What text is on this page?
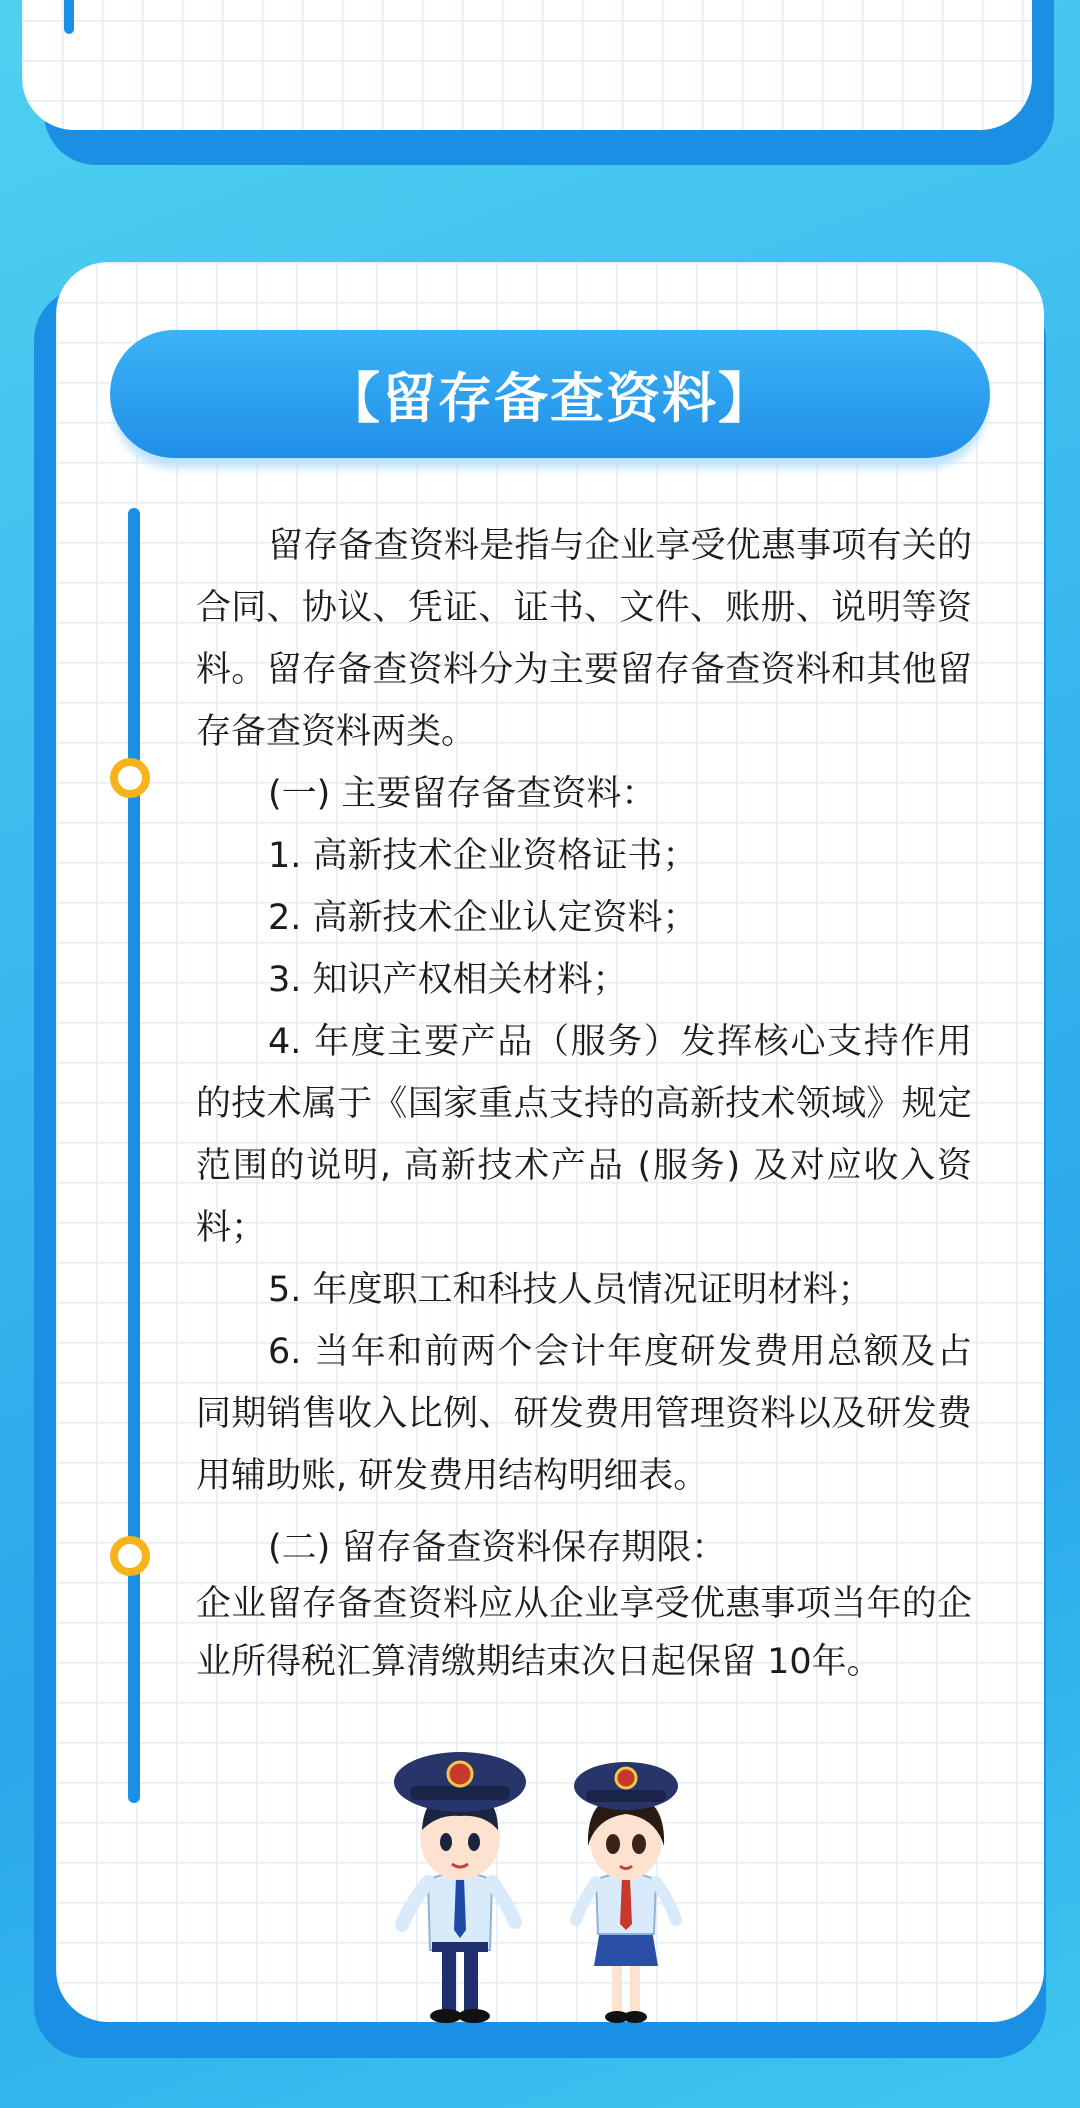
【留存备查资料】

留存备查资料是指与企业享受优惠事项有关的合同、协议、凭证、证书、文件、账册、说明等资料。留存备查资料分为主要留存备查资料和其他留存备查资料两类。

(一) 主要留存备查资料：

1. 高新技术企业资格证书；

2. 高新技术企业认定资料；

3. 知识产权相关材料；

4. 年度主要产品（服务）发挥核心支持作用的技术属于《国家重点支持的高新技术领域》规定范围的说明, 高新技术产品 (服务) 及对应收入资料；

5. 年度职工和科技人员情况证明材料；

6. 当年和前两个会计年度研发费用总额及占同期销售收入比例、研发费用管理资料以及研发费用辅助账, 研发费用结构明细表。

(二) 留存备查资料保存期限：

企业留存备查资料应从企业享受优惠事项当年的企业所得税汇算清缴期结束次日起保留 10年。
